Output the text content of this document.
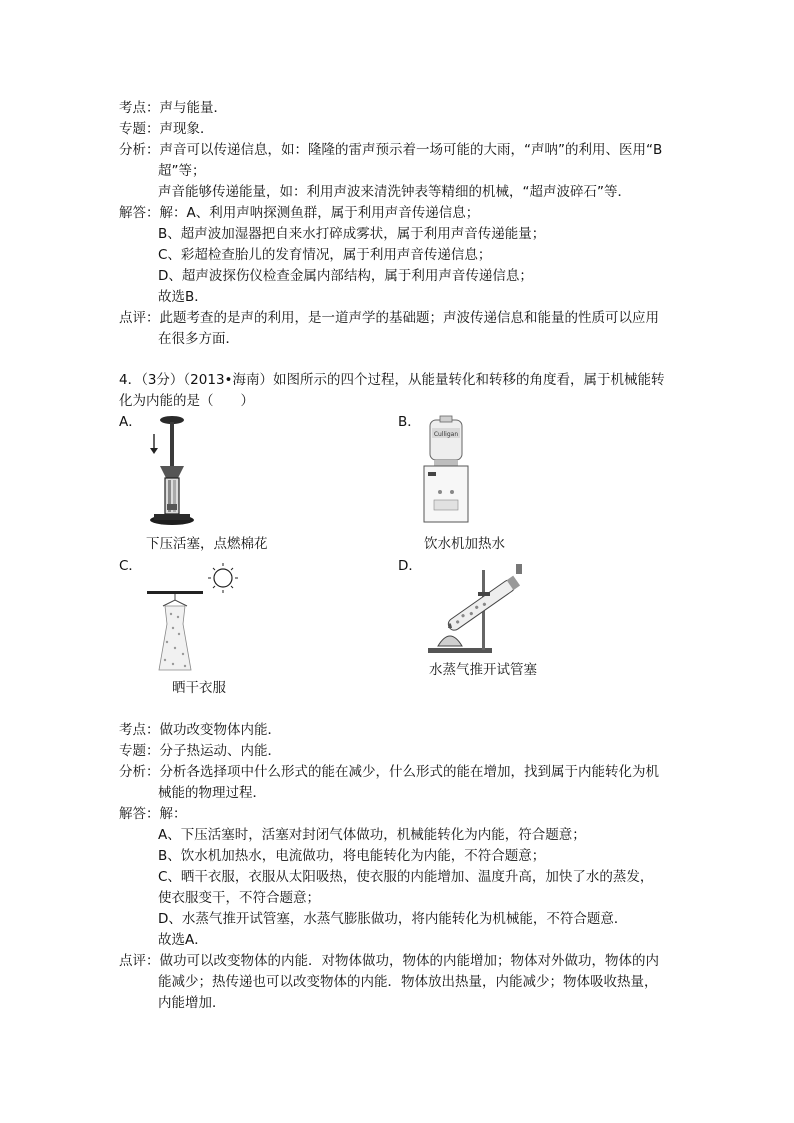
考点：声与能量．
专题：声现象．
分析：声音可以传递信息，如：隆隆的雷声预示着一场可能的大雨，“声呐”的利用、医用“B
超”等；
声音能够传递能量，如：利用声波来清洗钟表等精细的机械，“超声波碎石”等．
解答：解：A、利用声呐探测鱼群，属于利用声音传递信息；
B、超声波加湿器把自来水打碎成雾状，属于利用声音传递能量；
C、彩超检查胎儿的发育情况，属于利用声音传递信息；
D、超声波探伤仪检查金属内部结构，属于利用声音传递信息；
故选B．
点评：此题考查的是声的利用，是一道声学的基础题；声波传递信息和能量的性质可以应用
在很多方面．
4．（3分）（2013•海南）如图所示的四个过程，从能量转化和转移的角度看，属于机械能转
化为内能的是（　　）
A．
下压活塞，点燃棉花
B．
Culligan
饮水机加热水
C．
晒干衣服
D．
水蒸气推开试管塞
考点：做功改变物体内能．
专题：分子热运动、内能．
分析：分析各选择项中什么形式的能在减少，什么形式的能在增加，找到属于内能转化为机
械能的物理过程．
解答：解：
A、下压活塞时，活塞对封闭气体做功，机械能转化为内能，符合题意；
B、饮水机加热水，电流做功，将电能转化为内能，不符合题意；
C、晒干衣服，衣服从太阳吸热，使衣服的内能增加、温度升高，加快了水的蒸发，
使衣服变干，不符合题意；
D、水蒸气推开试管塞，水蒸气膨胀做功，将内能转化为机械能，不符合题意．
故选A．
点评：做功可以改变物体的内能．对物体做功，物体的内能增加；物体对外做功，物体的内
能减少；热传递也可以改变物体的内能．物体放出热量，内能减少；物体吸收热量，
内能增加．
